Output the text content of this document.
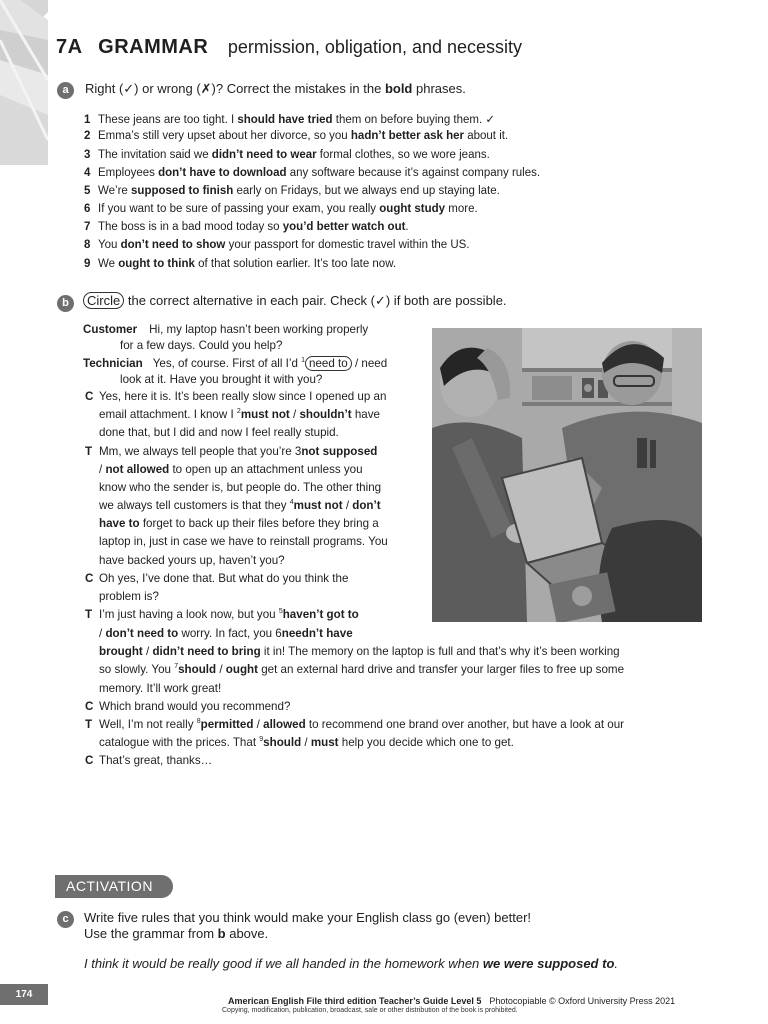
7A GRAMMAR permission, obligation, and necessity
a	Right (✓) or wrong (✗)? Correct the mistakes in the bold phrases.
1 These jeans are too tight. I should have tried them on before buying them. ✓
2 Emma’s still very upset about her divorce, so you hadn’t better ask her about it.
3 The invitation said we didn’t need to wear formal clothes, so we wore jeans.
4 Employees don’t have to download any software because it’s against company rules.
5 We’re supposed to finish early on Fridays, but we always end up staying late.
6 If you want to be sure of passing your exam, you really ought study more.
7 The boss is in a bad mood today so you’d better watch out.
8 You don’t need to show your passport for domestic travel within the US.
9 We ought to think of that solution earlier. It’s too late now.
b	Circle the correct alternative in each pair. Check (✓) if both are possible.
Customer Hi, my laptop hasn’t been working properly
for a few days. Could you help?
Technician Yes, of course. First of all I’d $^1$ need to / need
look at it. Have you brought it with you?
C Yes, here it is. It’s been really slow since I opened up an
email attachment. I know I $^2$must not / shouldn’t have
done that, but I did and now I feel really stupid.
T Mm, we always tell people that you’re 3not supposed
/ not allowed to open up an attachment unless you
know who the sender is, but people do. The other thing
we always tell customers is that they $^4$must not / don’t
have to forget to back up their files before they bring a
laptop in, just in case we have to reinstall programs. You
have backed yours up, haven’t you?
C Oh yes, I’ve done that. But what do you think the
problem is?
T I’m just having a look now, but you $^5$haven’t got to
/ don’t need to worry. In fact, you 6needn’t have
brought / didn’t need to bring it in! The memory on the laptop is full and that’s why it’s been working
so slowly. You $^7$should / ought get an external hard drive and transfer your larger files to free up some
memory. It’ll work great!
C Which brand would you recommend?
T Well, I’m not really $^8$permitted / allowed to recommend one brand over another, but have a look at our
catalogue with the prices. That $^9$should / must help you decide which one to get.
C That’s great, thanks…
ACTIVATION
c	Write five rules that you think would make your English class go (even) better!
Use the grammar from b above.
I think it would be really good if we all handed in the homework when we were supposed to.
174
American English File third edition Teacher’s Guide Level 5 Photocopiable © Oxford University Press 2021
Copying, modification, publication, broadcast, sale or other distribution of the book is prohibited.
